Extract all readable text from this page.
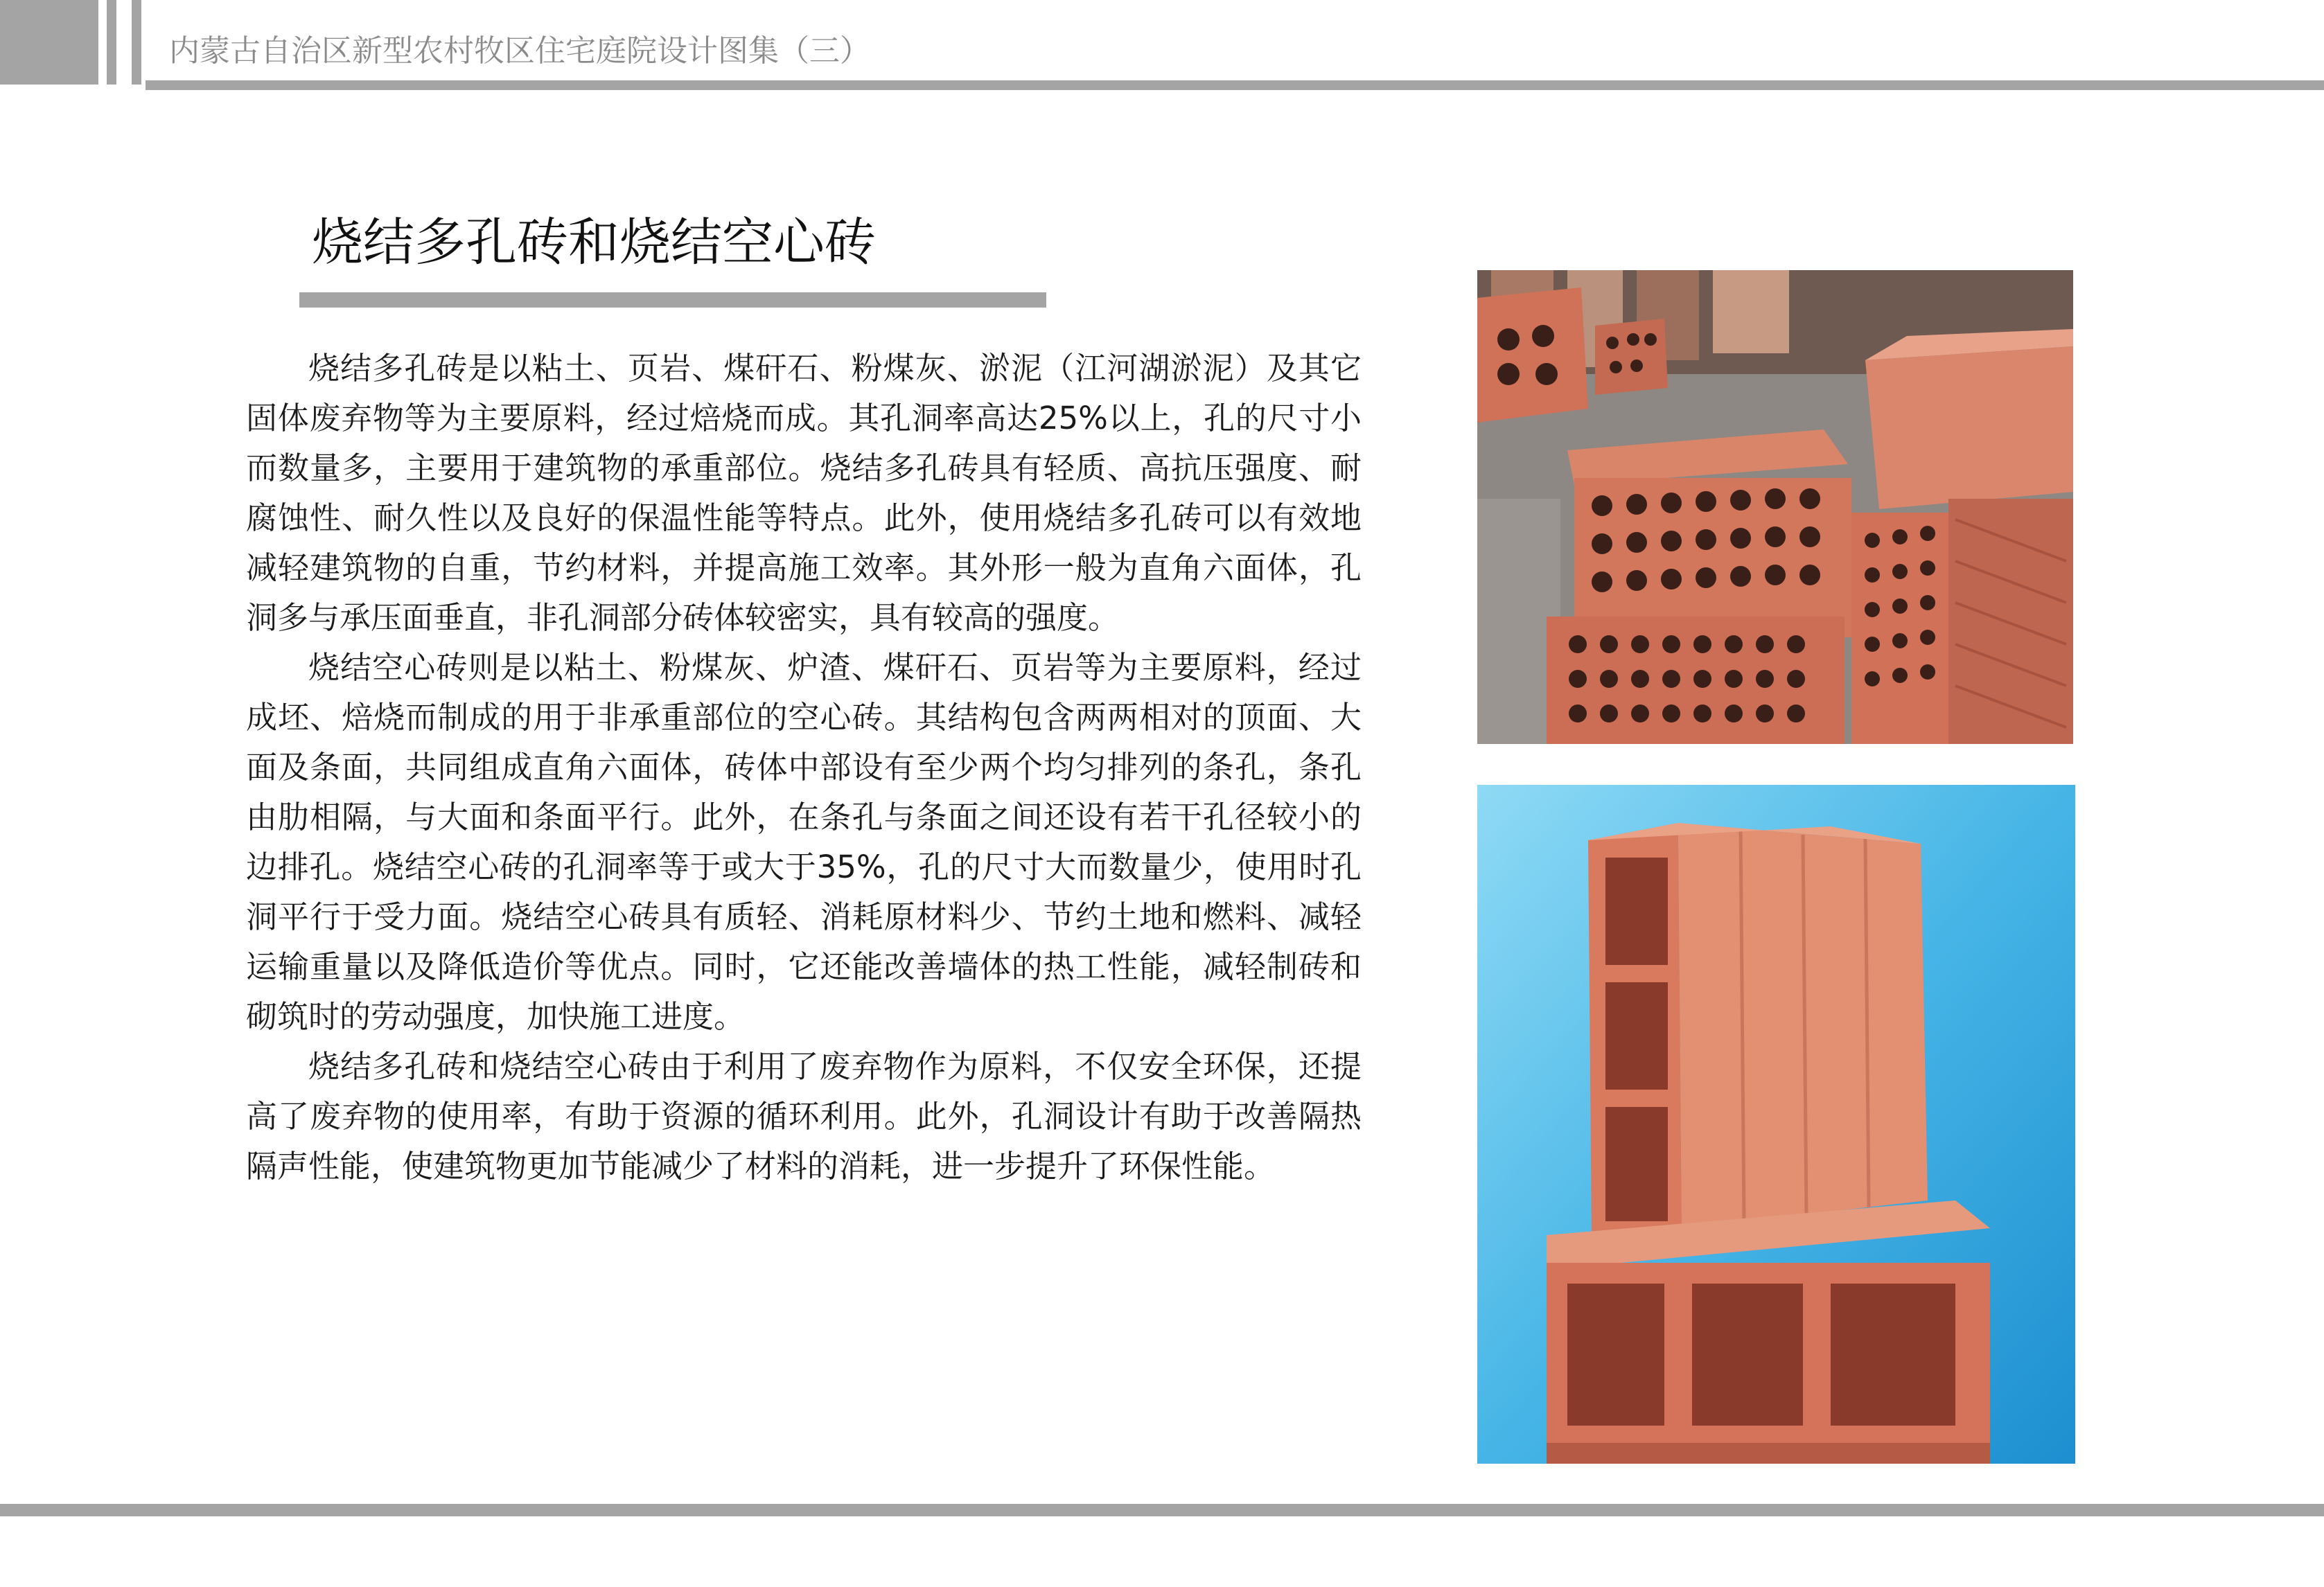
内蒙古自治区新型农村牧区住宅庭院设计图集（三）
烧结多孔砖和烧结空心砖

烧结多孔砖是以粘土、页岩、煤矸石、粉煤灰、淤泥（江河湖淤泥）及其它固体废弃物等为主要原料，经过焙烧而成。其孔洞率高达25%以上，孔的尺寸小而数量多，主要用于建筑物的承重部位。烧结多孔砖具有轻质、高抗压强度、耐腐蚀性、耐久性以及良好的保温性能等特点。此外，使用烧结多孔砖可以有效地减轻建筑物的自重，节约材料，并提高施工效率。其外形一般为直角六面体，孔洞多与承压面垂直，非孔洞部分砖体较密实，具有较高的强度。

烧结空心砖则是以粘土、粉煤灰、炉渣、煤矸石、页岩等为主要原料，经过成坯、焙烧而制成的用于非承重部位的空心砖。其结构包含两两相对的顶面、大面及条面，共同组成直角六面体，砖体中部设有至少两个均匀排列的条孔，条孔由肋相隔，与大面和条面平行。此外，在条孔与条面之间还设有若干孔径较小的边排孔。烧结空心砖的孔洞率等于或大于35%，孔的尺寸大而数量少，使用时孔洞平行于受力面。烧结空心砖具有质轻、消耗原材料少、节约土地和燃料、减轻运输重量以及降低造价等优点。同时，它还能改善墙体的热工性能，减轻制砖和砌筑时的劳动强度，加快施工进度。

烧结多孔砖和烧结空心砖由于利用了废弃物作为原料，不仅安全环保，还提高了废弃物的使用率，有助于资源的循环利用。此外，孔洞设计有助于改善隔热隔声性能，使建筑物更加节能减少了材料的消耗，进一步提升了环保性能。
